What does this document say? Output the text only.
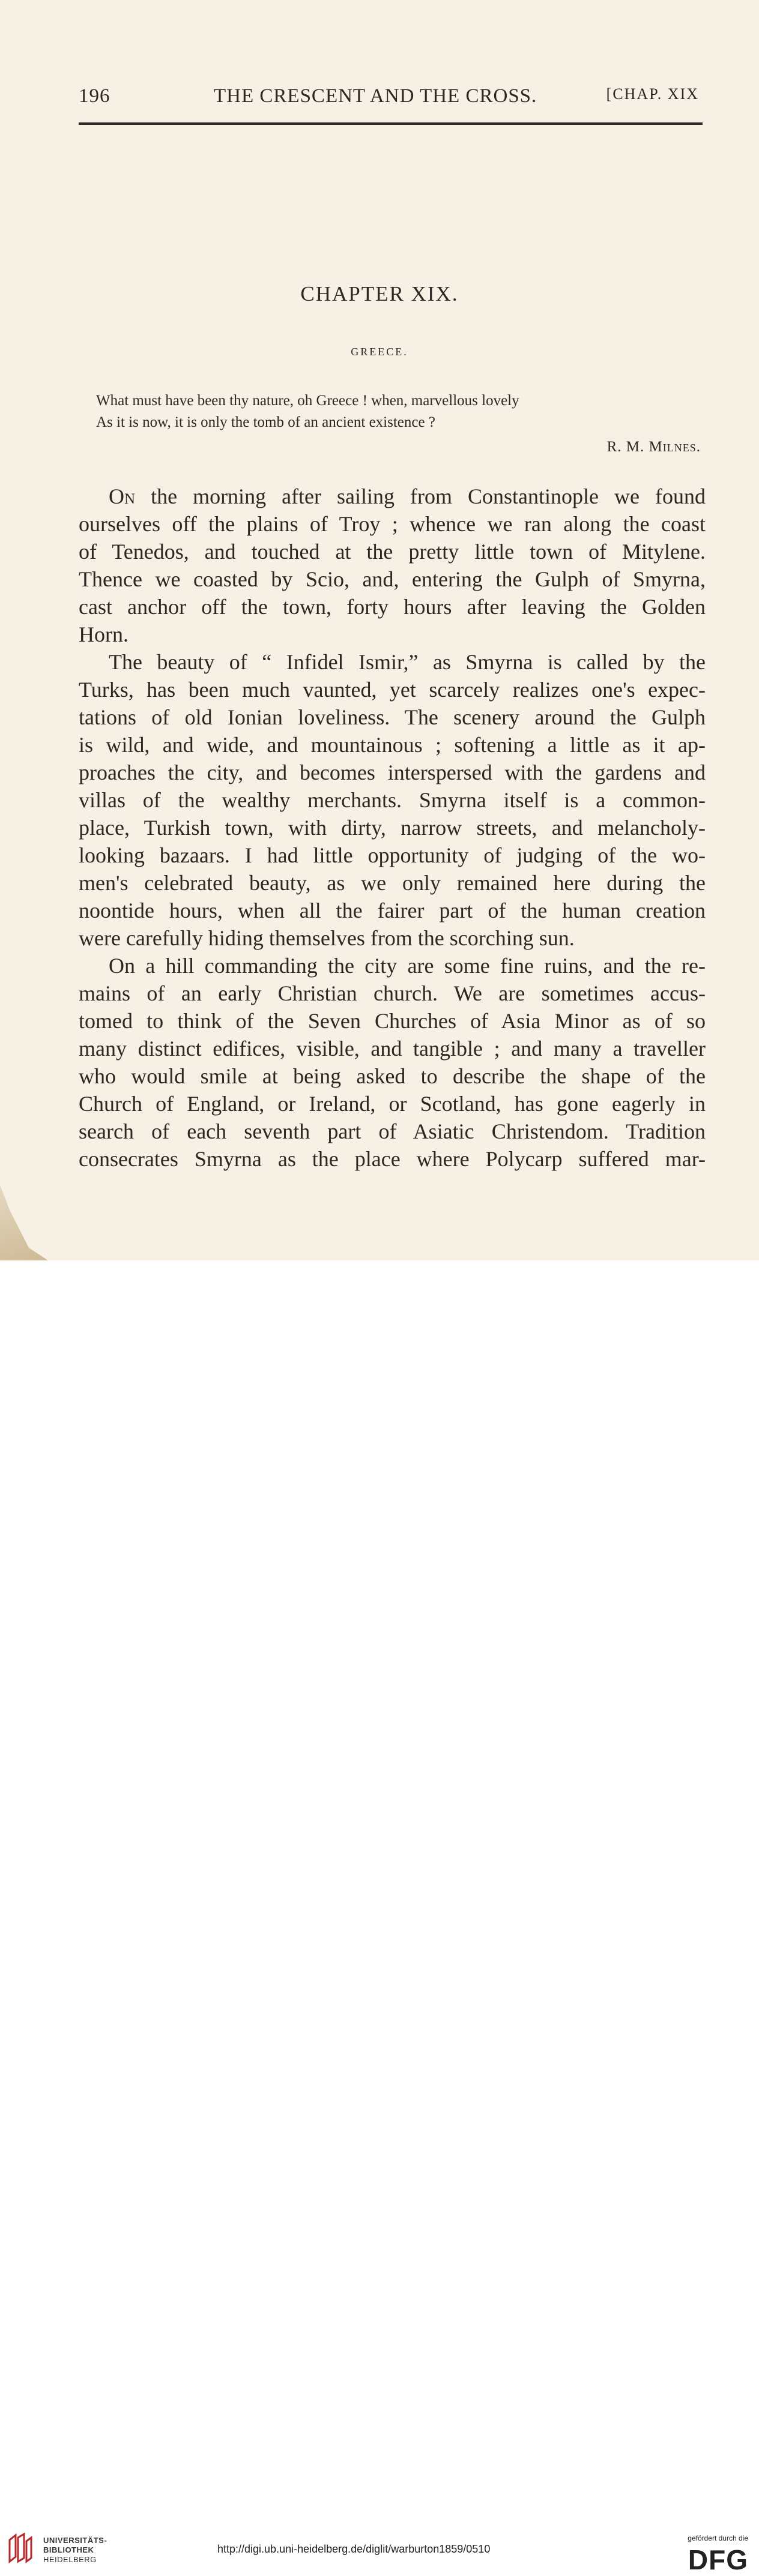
196	THE CRESCENT AND THE CROSS.	[CHAP. XIX
CHAPTER XIX.
GREECE.
What must have been thy nature, oh Greece ! when, marvellous lovely
As it is now, it is only the tomb of an ancient existence ?
R. M. Milnes.
On the morning after sailing from Constantinople we found
ourselves off the plains of Troy ; whence we ran along the coast
of Tenedos, and touched at the pretty little town of Mitylene.
Thence we coasted by Scio, and, entering the Gulph of Smyrna,
cast anchor off the town, forty hours after leaving the Golden
Horn.
The beauty of “ Infidel Ismir,” as Smyrna is called by the
Turks, has been much vaunted, yet scarcely realizes one's expec-
tations of old Ionian loveliness. The scenery around the Gulph
is wild, and wide, and mountainous ; softening a little as it ap-
proaches the city, and becomes interspersed with the gardens and
villas of the wealthy merchants. Smyrna itself is a common-
place, Turkish town, with dirty, narrow streets, and melancholy-
looking bazaars. I had little opportunity of judging of the wo-
men's celebrated beauty, as we only remained here during the
noontide hours, when all the fairer part of the human creation
were carefully hiding themselves from the scorching sun.
On a hill commanding the city are some fine ruins, and the re-
mains of an early Christian church. We are sometimes accus-
tomed to think of the Seven Churches of Asia Minor as of so
many distinct edifices, visible, and tangible ; and many a traveller
who would smile at being asked to describe the shape of the
Church of England, or Ireland, or Scotland, has gone eagerly in
search of each seventh part of Asiatic Christendom. Tradition
consecrates Smyrna as the place where Polycarp suffered mar-
UNIVERSITÄTS-
BIBLIOTHEK
HEIDELBERG
http://digi.ub.uni-heidelberg.de/diglit/warburton1859/0510
gefördert durch die
DFG
